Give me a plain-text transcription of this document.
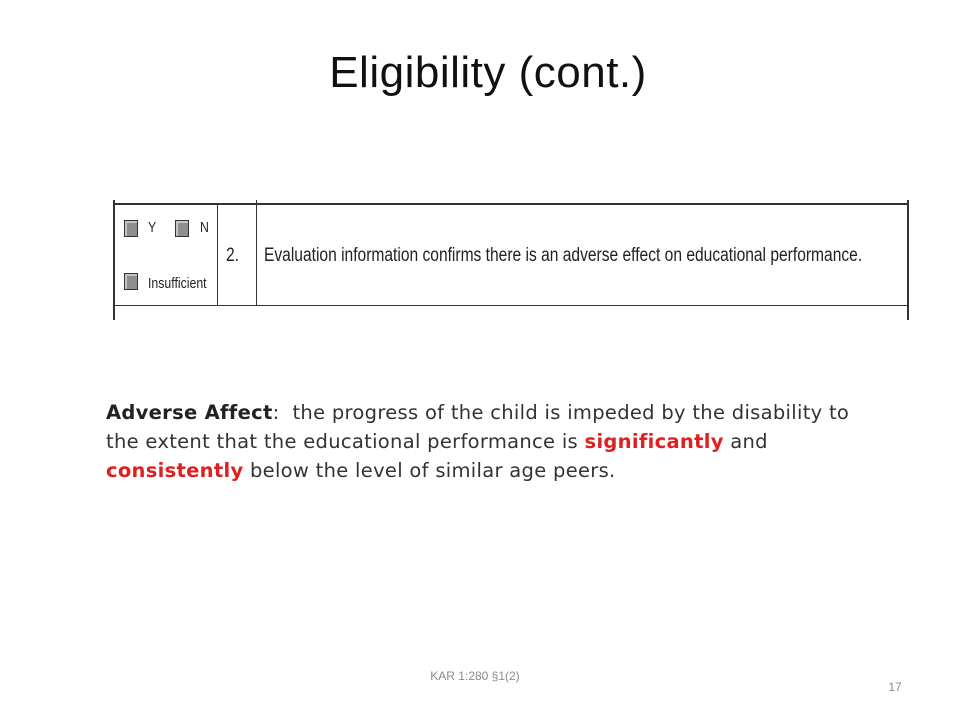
Eligibility (cont.)
Y	N
Insufficient
2. Evaluation information confirms there is an adverse effect on educational performance.
Adverse Affect:  the progress of the child is impeded by the disability to the extent that the educational performance is significantly and consistently below the level of similar age peers.
KAR 1:280 §1(2)
17
